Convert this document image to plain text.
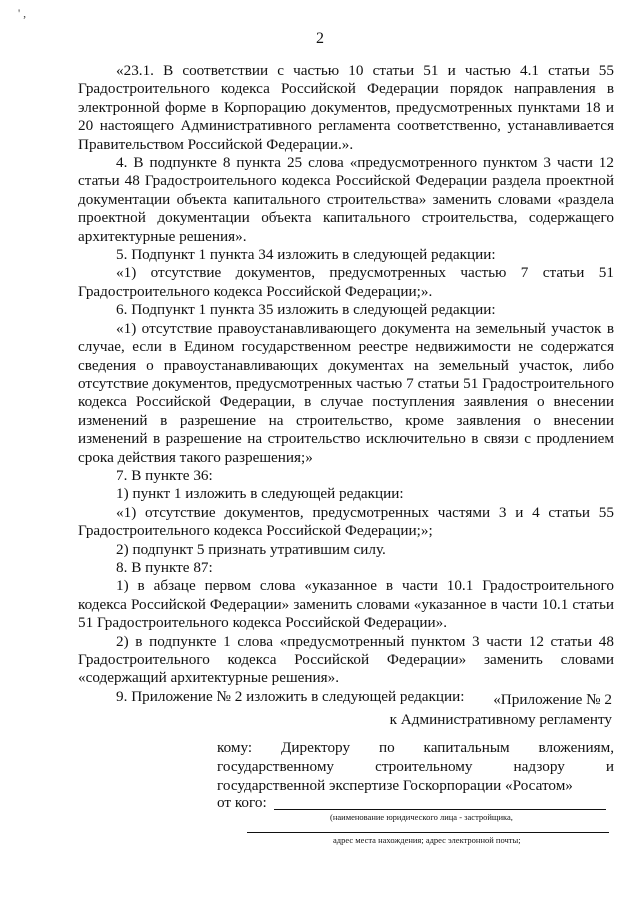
' ,
2

«23.1. В соответствии с частью 10 статьи 51 и частью 4.1 статьи 55 Градостроительного кодекса Российской Федерации порядок направления в электронной форме в Корпорацию документов, предусмотренных пунктами 18 и 20 настоящего Административного регламента соответственно, устанавливается Правительством Российской Федерации.».

4. В подпункте 8 пункта 25 слова «предусмотренного пунктом 3 части 12 статьи 48 Градостроительного кодекса Российской Федерации раздела проектной документации объекта капитального строительства» заменить словами «раздела проектной документации объекта капитального строительства, содержащего архитектурные решения».

5. Подпункт 1 пункта 34 изложить в следующей редакции:

«1) отсутствие документов, предусмотренных частью 7 статьи 51 Градостроительного кодекса Российской Федерации;».

6. Подпункт 1 пункта 35 изложить в следующей редакции:

«1) отсутствие правоустанавливающего документа на земельный участок в случае, если в Едином государственном реестре недвижимости не содержатся сведения о правоустанавливающих документах на земельный участок, либо отсутствие документов, предусмотренных частью 7 статьи 51 Градостроительного кодекса Российской Федерации, в случае поступления заявления о внесении изменений в разрешение на строительство, кроме заявления о внесении изменений в разрешение на строительство исключительно в связи с продлением срока действия такого разрешения;»

7. В пункте 36:

1) пункт 1 изложить в следующей редакции:

«1) отсутствие документов, предусмотренных частями 3 и 4 статьи 55 Градостроительного кодекса Российской Федерации;»;

2) подпункт 5 признать утратившим силу.

8. В пункте 87:

1) в абзаце первом слова «указанное в части 10.1 Градостроительного кодекса Российской Федерации» заменить словами «указанное в части 10.1 статьи 51 Градостроительного кодекса Российской Федерации».

2) в подпункте 1 слова «предусмотренный пунктом 3 части 12 статьи 48 Градостроительного кодекса Российской Федерации» заменить словами «содержащий архитектурные решения».

9. Приложение № 2 изложить в следующей редакции:	«Приложение № 2
к Административному регламенту
кому: Директору по капитальным вложениям, государственному строительному надзору и государственной экспертизе Госкорпорации «Росатом»
от кого:
(наименование юридического лица - застройщика,
адрес места нахождения; адрес электронной почты;
